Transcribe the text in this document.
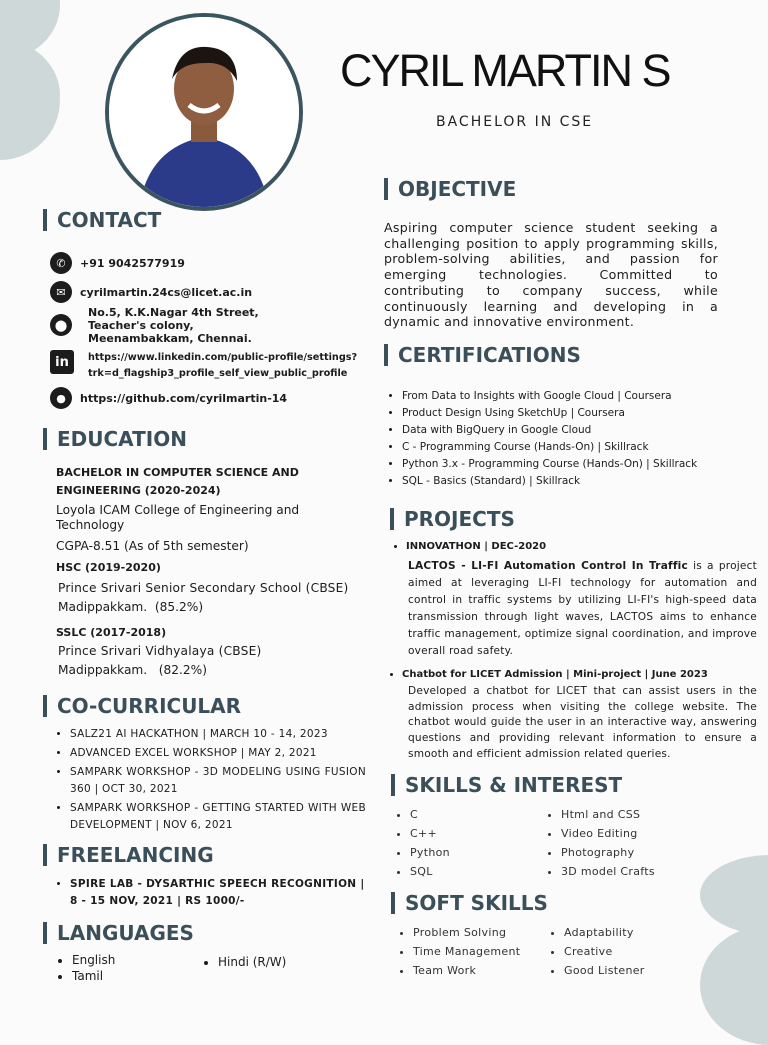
CYRIL MARTIN S
BACHELOR IN CSE
CONTACT
✆	+91 9042577919
✉	cyrilmartin.24cs@licet.ac.in
⬤
No.5, K.K.Nagar 4th Street,
Teacher's colony,
Meenambakkam, Chennai.
in	https://www.linkedin.com/public-profile/settings?
trk=d_flagship3_profile_self_view_public_profile
●	https://github.com/cyrilmartin-14
EDUCATION
BACHELOR IN COMPUTER SCIENCE AND
ENGINEERING (2020-2024)
Loyola ICAM College of Engineering and
Technology
CGPA-8.51 (As of 5th semester)
HSC (2019-2020)
Prince Srivari Senior Secondary School (CBSE)
Madippakkam.  (85.2%)
SSLC (2017-2018)
Prince Srivari Vidhyalaya (CBSE)
Madippakkam.   (82.2%)
CO-CURRICULAR
• SALZ21 AI HACKATHON | MARCH 10 - 14, 2023
• ADVANCED EXCEL WORKSHOP | MAY 2, 2021
• SAMPARK WORKSHOP - 3D MODELING USING FUSION 360 | OCT 30, 2021
• SAMPARK WORKSHOP - GETTING STARTED WITH WEB DEVELOPMENT | NOV 6, 2021
FREELANCING
• SPIRE LAB - DYSARTHIC SPEECH RECOGNITION | 8 - 15 NOV, 2021 | RS 1000/-
LANGUAGES
• English
• Tamil
• Hindi (R/W)
OBJECTIVE
Aspiring computer science student seeking a challenging position to apply programming skills, problem-solving abilities, and passion for emerging technologies. Committed to contributing to company success, while continuously learning and developing in a dynamic and innovative environment.
CERTIFICATIONS
• From Data to Insights with Google Cloud | Coursera
• Product Design Using SketchUp | Coursera
• Data with BigQuery in Google Cloud
• C - Programming Course (Hands-On) | Skillrack
• Python 3.x - Programming Course (Hands-On) | Skillrack
• SQL - Basics (Standard) | Skillrack
PROJECTS
• INNOVATHON | DEC-2020
LACTOS - LI-FI Automation Control In Traffic is a project aimed at leveraging LI-FI technology for automation and control in traffic systems by utilizing LI-FI's high-speed data transmission through light waves, LACTOS aims to enhance traffic management, optimize signal coordination, and improve overall road safety.
• Chatbot for LICET Admission | Mini-project | June 2023
Developed a chatbot for LICET that can assist users in the admission process when visiting the college website. The chatbot would guide the user in an interactive way, answering questions and providing relevant information to ensure a smooth and efficient admission related queries.
SKILLS & INTEREST
• C
• C++
• Python
• SQL
• Html and CSS
• Video Editing
• Photography
• 3D model Crafts
SOFT SKILLS
• Problem Solving
• Time Management
• Team Work
• Adaptability
• Creative
• Good Listener
